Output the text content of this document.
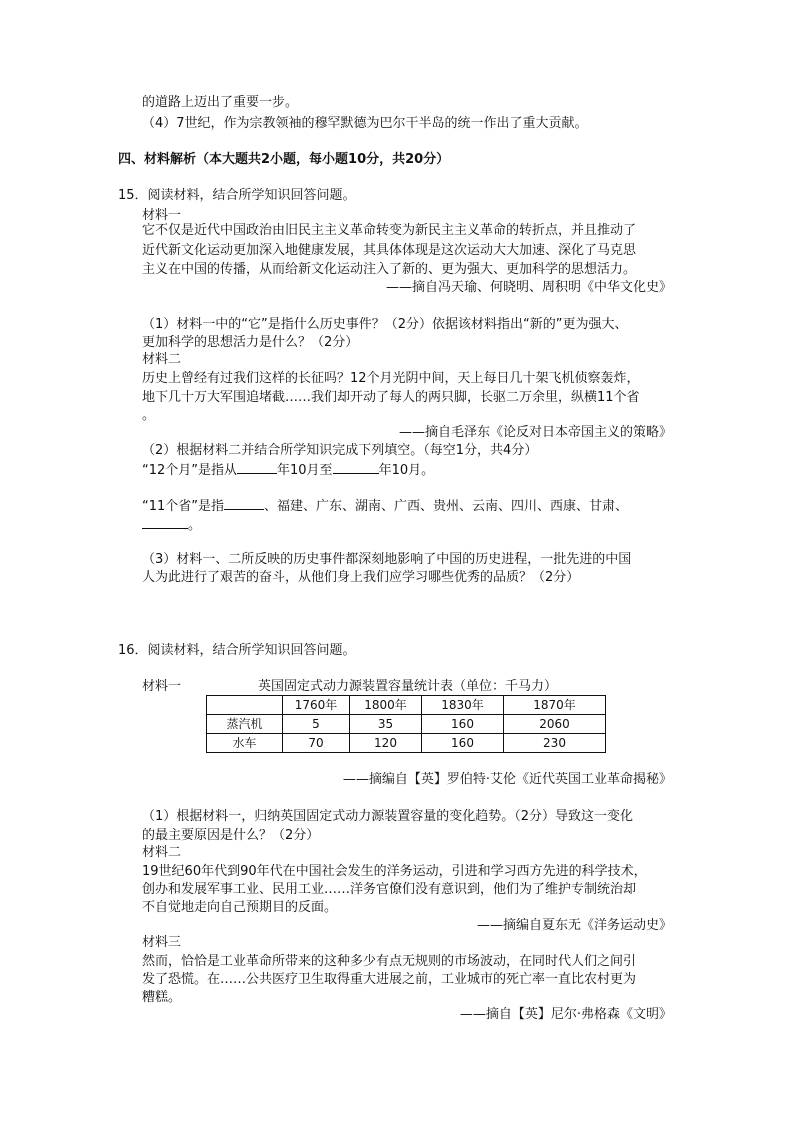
的道路上迈出了重要一步。
（4）7世纪，作为宗教领袖的穆罕默德为巴尔干半岛的统一作出了重大贡献。
四、材料解析（本大题共2小题，每小题10分，共20分）
15．阅读材料，结合所学知识回答问题。
材料一
它不仅是近代中国政治由旧民主主义革命转变为新民主主义革命的转折点，并且推动了
近代新文化运动更加深入地健康发展，其具体体现是这次运动大大加速、深化了马克思
主义在中国的传播，从而给新文化运动注入了新的、更为强大、更加科学的思想活力。
——摘自冯天瑜、何晓明、周积明《中华文化史》
（1）材料一中的“它”是指什么历史事件？（2分）依据该材料指出“新的”更为强大、
更加科学的思想活力是什么？（2分）
材料二
历史上曾经有过我们这样的长征吗？12个月光阴中间，天上每日几十架飞机侦察轰炸，
地下几十万大军围追堵截……我们却开动了每人的两只脚，长驱二万余里，纵横11个省
。
——摘自毛泽东《论反对日本帝国主义的策略》
（2）根据材料二并结合所学知识完成下列填空。（每空1分，共4分）
“12个月”是指从	年10月至	年10月。
“11个省”是指	、福建、广东、湖南、广西、贵州、云南、四川、西康、甘肃、
。
（3）材料一、二所反映的历史事件都深刻地影响了中国的历史进程，一批先进的中国
人为此进行了艰苦的奋斗，从他们身上我们应学习哪些优秀的品质？（2分）
16．阅读材料，结合所学知识回答问题。
材料一	英国固定式动力源装置容量统计表（单位：千马力）
	1760年	1800年	1830年	1870年
蒸汽机	5	35	160	2060
水车	70	120	160	230
——摘编自【英】罗伯特·艾伦《近代英国工业革命揭秘》
（1）根据材料一，归纳英国固定式动力源装置容量的变化趋势。（2分）导致这一变化
的最主要原因是什么？（2分）
材料二
19世纪60年代到90年代在中国社会发生的洋务运动，引进和学习西方先进的科学技术，
创办和发展军事工业、民用工业……洋务官僚们没有意识到，他们为了维护专制统治却
不自觉地走向自己预期目的反面。
——摘编自夏东无《洋务运动史》
材料三
然而，恰恰是工业革命所带来的这种多少有点无规则的市场波动，在同时代人们之间引
发了恐慌。在……公共医疗卫生取得重大进展之前，工业城市的死亡率一直比农村更为
糟糕。
——摘自【英】尼尔·弗格森《文明》
